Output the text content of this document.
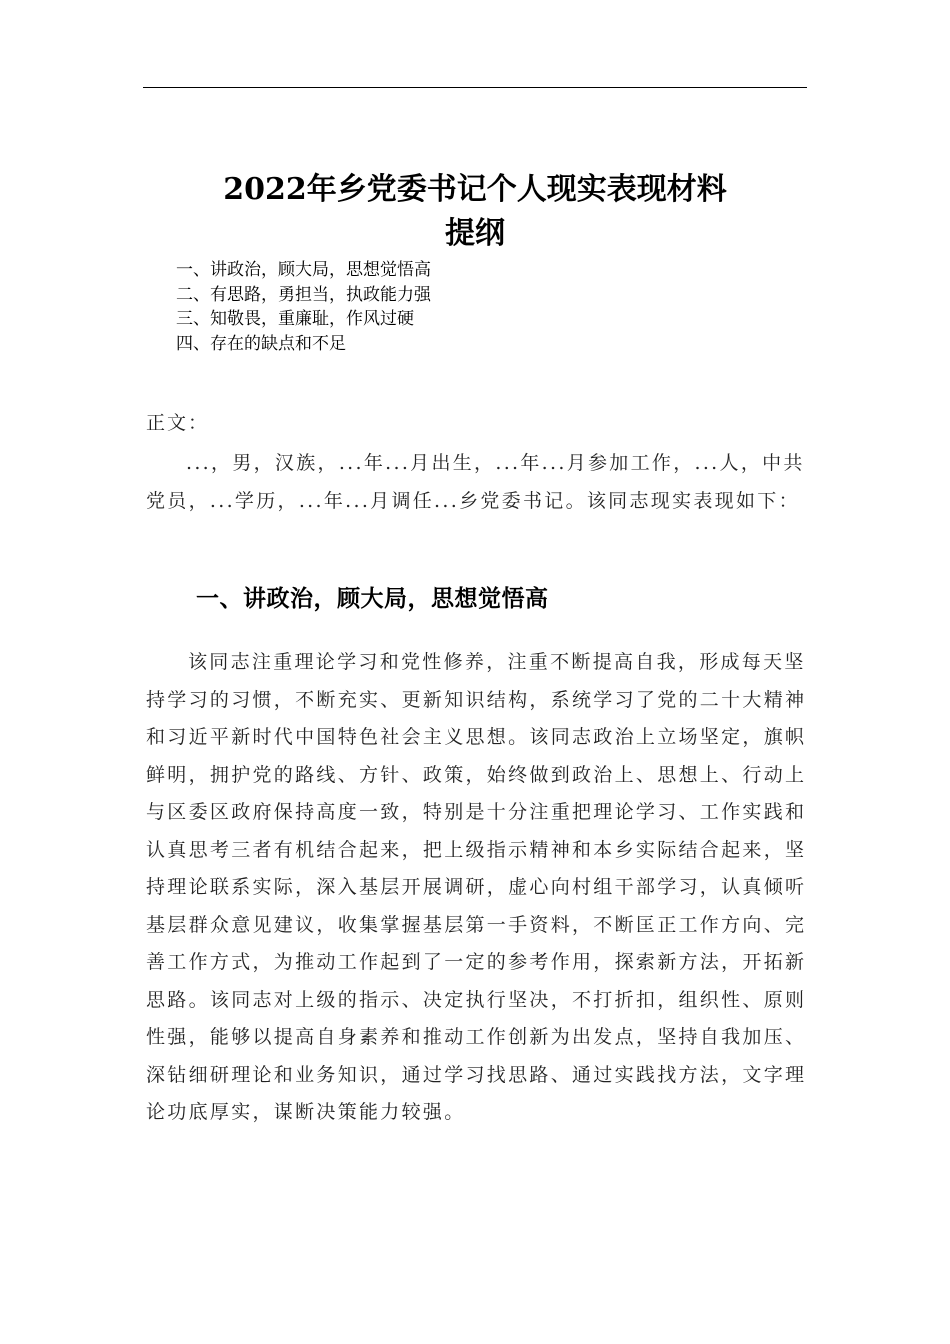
2022年乡党委书记个人现实表现材料
提纲
一、讲政治，顾大局，思想觉悟高
二、有思路，勇担当，执政能力强
三、知敬畏，重廉耻，作风过硬
四、存在的缺点和不足

正文：

...，男，汉族，...年...月出生，...年...月参加工作，...人，中共党员，...学历，...年...月调任...乡党委书记。该同志现实表现如下：

一、讲政治，顾大局，思想觉悟高

该同志注重理论学习和党性修养，注重不断提高自我，形成每天坚持学习的习惯，不断充实、更新知识结构，系统学习了党的二十大精神和习近平新时代中国特色社会主义思想。该同志政治上立场坚定，旗帜鲜明，拥护党的路线、方针、政策，始终做到政治上、思想上、行动上与区委区政府保持高度一致，特别是十分注重把理论学习、工作实践和认真思考三者有机结合起来，把上级指示精神和本乡实际结合起来，坚持理论联系实际，深入基层开展调研，虚心向村组干部学习，认真倾听基层群众意见建议，收集掌握基层第一手资料，不断匡正工作方向、完善工作方式，为推动工作起到了一定的参考作用，探索新方法，开拓新思路。该同志对上级的指示、决定执行坚决，不打折扣，组织性、原则性强，能够以提高自身素养和推动工作创新为出发点，坚持自我加压、深钻细研理论和业务知识，通过学习找思路、通过实践找方法，文字理论功底厚实，谋断决策能力较强。
